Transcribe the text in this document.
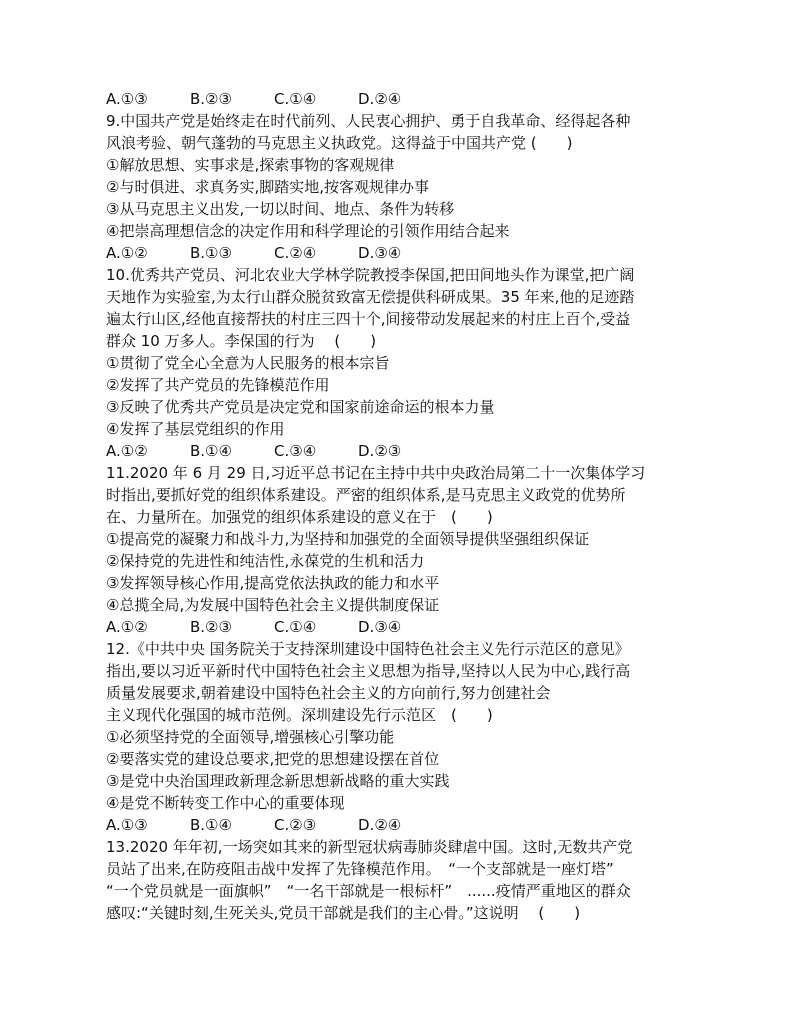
A.①③	B.②③	C.①④	D.②④
9.中国共产党是始终走在时代前列、人民衷心拥护、勇于自我革命、经得起各种
风浪考验、朝气蓬勃的马克思主义执政党。这得益于中国共产党 (　　)
①解放思想、实事求是,探索事物的客观规律
②与时俱进、求真务实,脚踏实地,按客观规律办事
③从马克思主义出发,一切以时间、地点、条件为转移
④把崇高理想信念的决定作用和科学理论的引领作用结合起来
A.①②	B.①③	C.②④	D.③④
10.优秀共产党员、河北农业大学林学院教授李保国,把田间地头作为课堂,把广阔
天地作为实验室,为太行山群众脱贫致富无偿提供科研成果。35 年来,他的足迹踏
遍太行山区,经他直接帮扶的村庄三四十个,间接带动发展起来的村庄上百个,受益
群众 10 万多人。李保国的行为　 (　　)
①贯彻了党全心全意为人民服务的根本宗旨
②发挥了共产党员的先锋模范作用
③反映了优秀共产党员是决定党和国家前途命运的根本力量
④发挥了基层党组织的作用
A.①②	B.①④	C.③④	D.②③
11.2020 年 6 月 29 日,习近平总书记在主持中共中央政治局第二十一次集体学习
时指出,要抓好党的组织体系建设。严密的组织体系,是马克思主义政党的优势所
在、力量所在。加强党的组织体系建设的意义在于　(　　)
①提高党的凝聚力和战斗力,为坚持和加强党的全面领导提供坚强组织保证
②保持党的先进性和纯洁性,永葆党的生机和活力
③发挥领导核心作用,提高党依法执政的能力和水平
④总揽全局,为发展中国特色社会主义提供制度保证
A.①②	B.②③	C.①④	D.③④
12.《中共中央 国务院关于支持深圳建设中国特色社会主义先行示范区的意见》
指出,要以习近平新时代中国特色社会主义思想为指导,坚持以人民为中心,践行高
质量发展要求,朝着建设中国特色社会主义的方向前行,努力创建社会
主义现代化强国的城市范例。深圳建设先行示范区　(　　)
①必须坚持党的全面领导,增强核心引擎功能
②要落实党的建设总要求,把党的思想建设摆在首位
③是党中央治国理政新理念新思想新战略的重大实践
④是党不断转变工作中心的重要体现
A.①③	B.①④	C.②③	D.②④
13.2020 年年初,一场突如其来的新型冠状病毒肺炎肆虐中国。这时,无数共产党
员站了出来,在防疫阻击战中发挥了先锋模范作用。　“一个支部就是一座灯塔”
“一个党员就是一面旗帜”　“一名干部就是一根标杆”　......疫情严重地区的群众
感叹:“关键时刻,生死关头,党员干部就是我们的主心骨。”这说明　 (　　)
